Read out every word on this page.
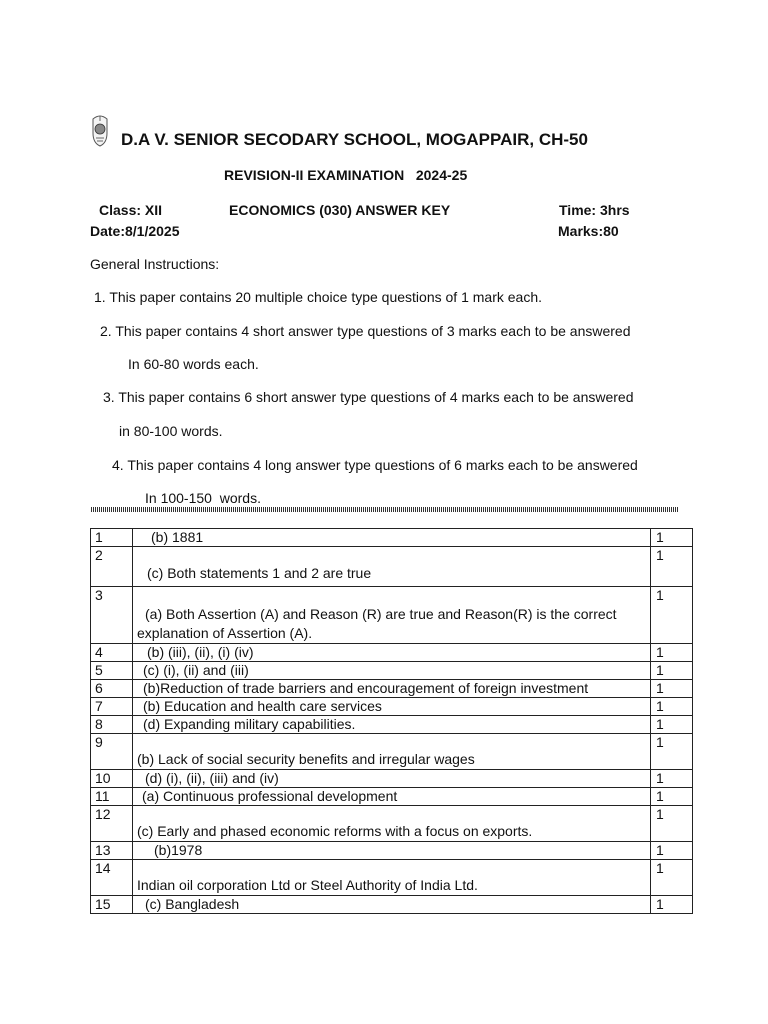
D.A V. SENIOR SECODARY SCHOOL, MOGAPPAIR, CH-50
REVISION-II EXAMINATION   2024-25
Class: XII	ECONOMICS (030) ANSWER KEY	Time: 3hrs
Date:8/1/2025	Marks:80
General Instructions:
1. This paper contains 20 multiple choice type questions of 1 mark each.
2. This paper contains 4 short answer type questions of 3 marks each to be answered
In 60-80 words each.
3. This paper contains 6 short answer type questions of 4 marks each to be answered
in 80-100 words.
4. This paper contains 4 long answer type questions of 6 marks each to be answered
In 100-150  words.
1	(b) 1881	1
2	(c) Both statements 1 and 2 are true	1
3	(a) Both Assertion (A) and Reason (R) are true and Reason(R) is the correct explanation of Assertion (A).	1
4	(b) (iii), (ii), (i) (iv)	1
5	(c) (i), (ii) and (iii)	1
6	(b)Reduction of trade barriers and encouragement of foreign investment	1
7	(b) Education and health care services	1
8	(d) Expanding military capabilities.	1
9	(b) Lack of social security benefits and irregular wages	1
10	(d) (i), (ii), (iii) and (iv)	1
11	(a) Continuous professional development	1
12	(c) Early and phased economic reforms with a focus on exports.	1
13	(b)1978	1
14	Indian oil corporation Ltd or Steel Authority of India Ltd.	1
15	(c) Bangladesh	1
